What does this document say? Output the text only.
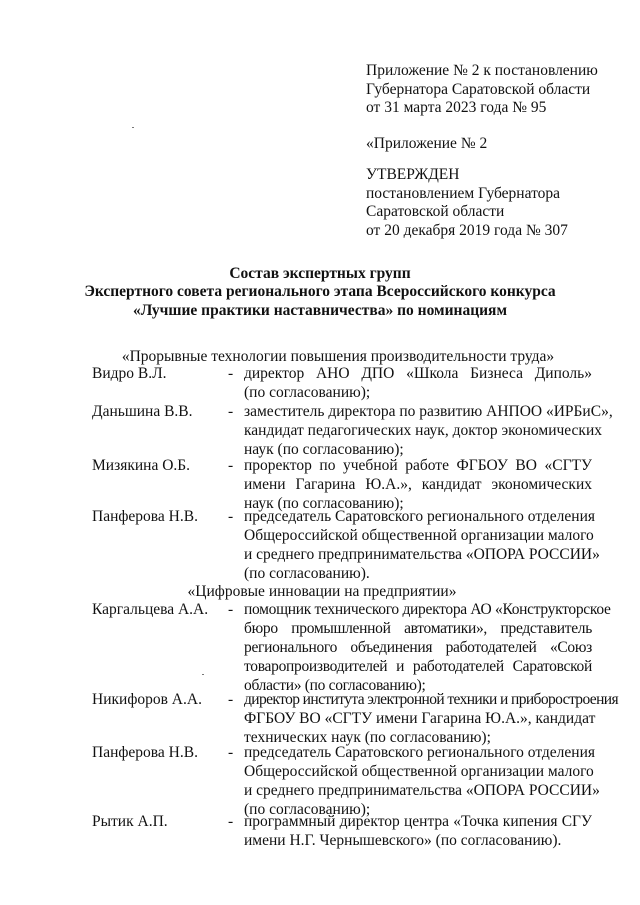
Приложение № 2 к постановлению
Губернатора Саратовской области
от 31 марта 2023 года № 95
«Приложение № 2
УТВЕРЖДЕН
постановлением Губернатора
Саратовской области
от 20 декабря 2019 года № 307
Состав экспертных групп
Экспертного совета регионального этапа Всероссийского конкурса
«Лучшие практики наставничества» по номинациям
«Прорывные технологии повышения производительности труда»
Видро В.Л.	- директор АНО ДПО «Школа Бизнеса Диполь»
(по согласованию);
Даньшина В.В. - заместитель директора по развитию АНПОО «ИРБиС»,
кандидат педагогических наук, доктор экономических
наук (по согласованию);
Мизякина О.Б. - проректор по учебной работе ФГБОУ ВО «СГТУ
имени Гагарина Ю.А.», кандидат экономических
наук (по согласованию);
Панферова Н.В. - председатель Саратовского регионального отделения
Общероссийской общественной организации малого
и среднего предпринимательства «ОПОРА РОССИИ»
(по согласованию).
«Цифровые инновации на предприятии»
Каргальцева А.А. - помощник технического директора АО «Конструкторское
бюро промышленной автоматики», представитель
регионального объединения работодателей «Союз
товаропроизводителей и работодателей Саратовской
области» (по согласованию);
Никифоров А.А. - директор института электронной техники и приборостроения
ФГБОУ ВО «СГТУ имени Гагарина Ю.А.», кандидат
технических наук (по согласованию);
Панферова Н.В. - председатель Саратовского регионального отделения
Общероссийской общественной организации малого
и среднего предпринимательства «ОПОРА РОССИИ»
(по согласованию);
Рытик А.П.	- программный директор центра «Точка кипения СГУ
имени Н.Г. Чернышевского» (по согласованию).
